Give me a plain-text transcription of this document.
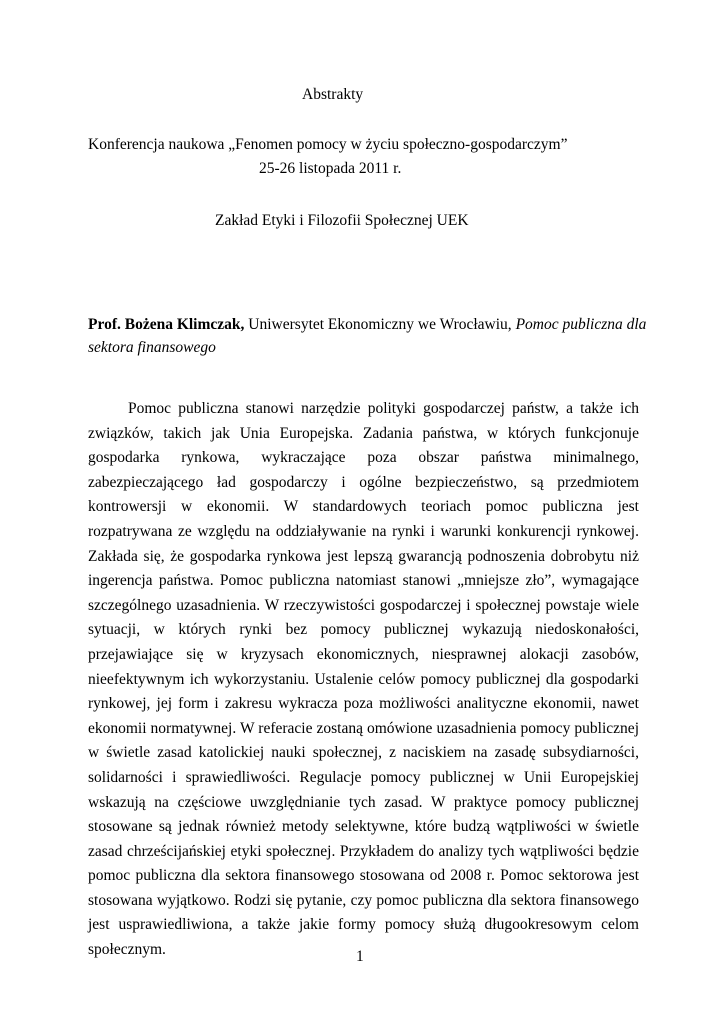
Abstrakty
Konferencja naukowa „Fenomen pomocy w życiu społeczno-gospodarczym”
25-26 listopada 2011 r.
Zakład Etyki i Filozofii Społecznej UEK
Prof. Bożena Klimczak, Uniwersytet Ekonomiczny we Wrocławiu, Pomoc publiczna dla sektora finansowego

Pomoc publiczna stanowi narzędzie polityki gospodarczej państw, a także ich związków, takich jak Unia Europejska. Zadania państwa, w których funkcjonuje gospodarka rynkowa, wykraczające poza obszar państwa minimalnego, zabezpieczającego ład gospodarczy i ogólne bezpieczeństwo, są przedmiotem kontrowersji w ekonomii. W standardowych teoriach pomoc publiczna jest rozpatrywana ze względu na oddziaływanie na rynki i warunki konkurencji rynkowej. Zakłada się, że gospodarka rynkowa jest lepszą gwarancją podnoszenia dobrobytu niż ingerencja państwa. Pomoc publiczna natomiast stanowi „mniejsze zło”, wymagające szczególnego uzasadnienia. W rzeczywistości gospodarczej i społecznej powstaje wiele sytuacji, w których rynki bez pomocy publicznej wykazują niedoskonałości, przejawiające się w kryzysach ekonomicznych, niesprawnej alokacji zasobów, nieefektywnym ich wykorzystaniu. Ustalenie celów pomocy publicznej dla gospodarki rynkowej, jej form i zakresu wykracza poza możliwości analityczne ekonomii, nawet ekonomii normatywnej. W referacie zostaną omówione uzasadnienia pomocy publicznej w świetle zasad katolickiej nauki społecznej, z naciskiem na zasadę subsydiarności, solidarności i sprawiedliwości. Regulacje pomocy publicznej w Unii Europejskiej wskazują na częściowe uwzględnianie tych zasad. W praktyce pomocy publicznej stosowane są jednak również metody selektywne, które budzą wątpliwości w świetle zasad chrześcijańskiej etyki społecznej. Przykładem do analizy tych wątpliwości będzie pomoc publiczna dla sektora finansowego stosowana od 2008 r. Pomoc sektorowa jest stosowana wyjątkowo. Rodzi się pytanie, czy pomoc publiczna dla sektora finansowego jest usprawiedliwiona, a także jakie formy pomocy służą długookresowym celom społecznym.	1
